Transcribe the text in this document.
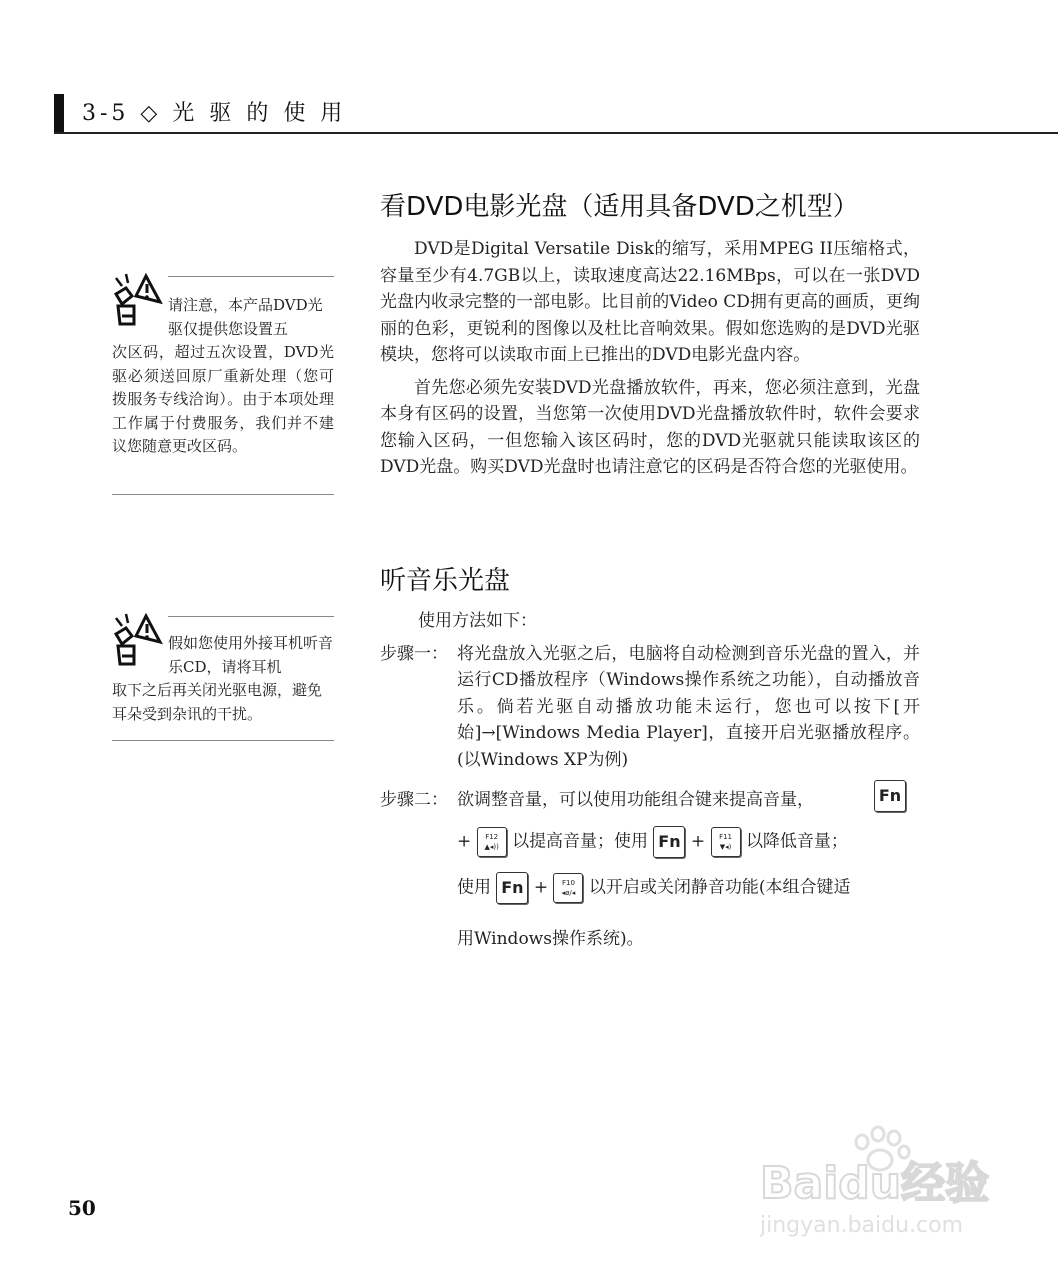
3-5 ◇ 光 驱 的 使 用
看DVD电影光盘（适用具备DVD之机型）

DVD是Digital Versatile Disk的缩写，采用MPEG II压缩格式，容量至少有4.7GB以上，读取速度高达22.16MBps，可以在一张DVD光盘内收录完整的一部电影。比目前的Video CD拥有更高的画质，更绚丽的色彩，更锐利的图像以及杜比音响效果。假如您选购的是DVD光驱模块，您将可以读取市面上已推出的DVD电影光盘内容。

首先您必须先安装DVD光盘播放软件，再来，您必须注意到，光盘本身有区码的设置，当您第一次使用DVD光盘播放软件时，软件会要求您输入区码，一但您输入该区码时，您的DVD光驱就只能读取该区的DVD光盘。购买DVD光盘时也请注意它的区码是否符合您的光驱使用。

请注意，本产品DVD光驱仅提供您设置五
次区码，超过五次设置，DVD光驱必须送回原厂重新处理（您可拨服务专线洽询）。由于本项处理工作属于付费服务，我们并不建议您随意更改区码。
听音乐光盘
使用方法如下：
步骤一： 将光盘放入光驱之后，电脑将自动检测到音乐光盘的置入，并运行CD播放程序（Windows操作系统之功能），自动播放音乐。倘若光驱自动播放功能未运行，您也可以按下[开始]→[Windows Media Player]，直接开启光驱播放程序。(以Windows XP为例)
步骤二： 欲调整音量，可以使用功能组合键来提高音量，	Fn
+ F12
▲◂)) 以提高音量；使用 Fn + F11
▼◂) 以降低音量；
使用 Fn + F10
◂ø/◂ 以开启或关闭静音功能(本组合键适
用Windows操作系统)。
假如您使用外接耳机听音乐CD，请将耳机
取下之后再关闭光驱电源，避免耳朵受到杂讯的干扰。
50	Baidu经验
jingyan.baidu.com
